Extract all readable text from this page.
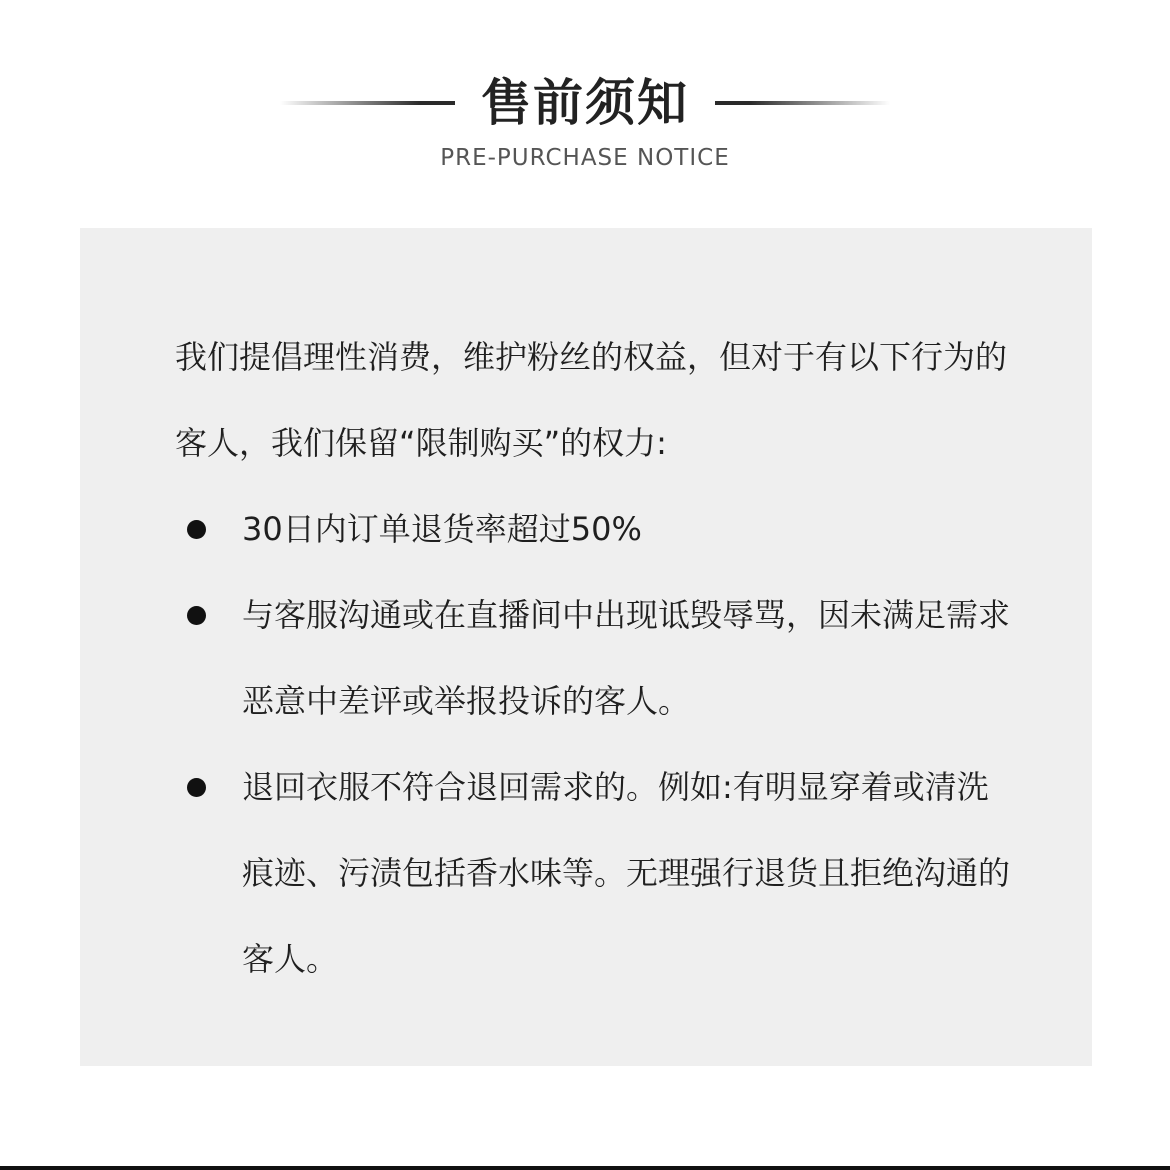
售前须知
PRE-PURCHASE NOTICE

我们提倡理性消费，维护粉丝的权益，但对于有以下行为的客人，我们保留“限制购买”的权力:

30日内订单退货率超过50%
与客服沟通或在直播间中出现诋毁辱骂，因未满足需求恶意中差评或举报投诉的客人。
退回衣服不符合退回需求的。例如:有明显穿着或清洗痕迹、污渍包括香水味等。无理强行退货且拒绝沟通的客人。
